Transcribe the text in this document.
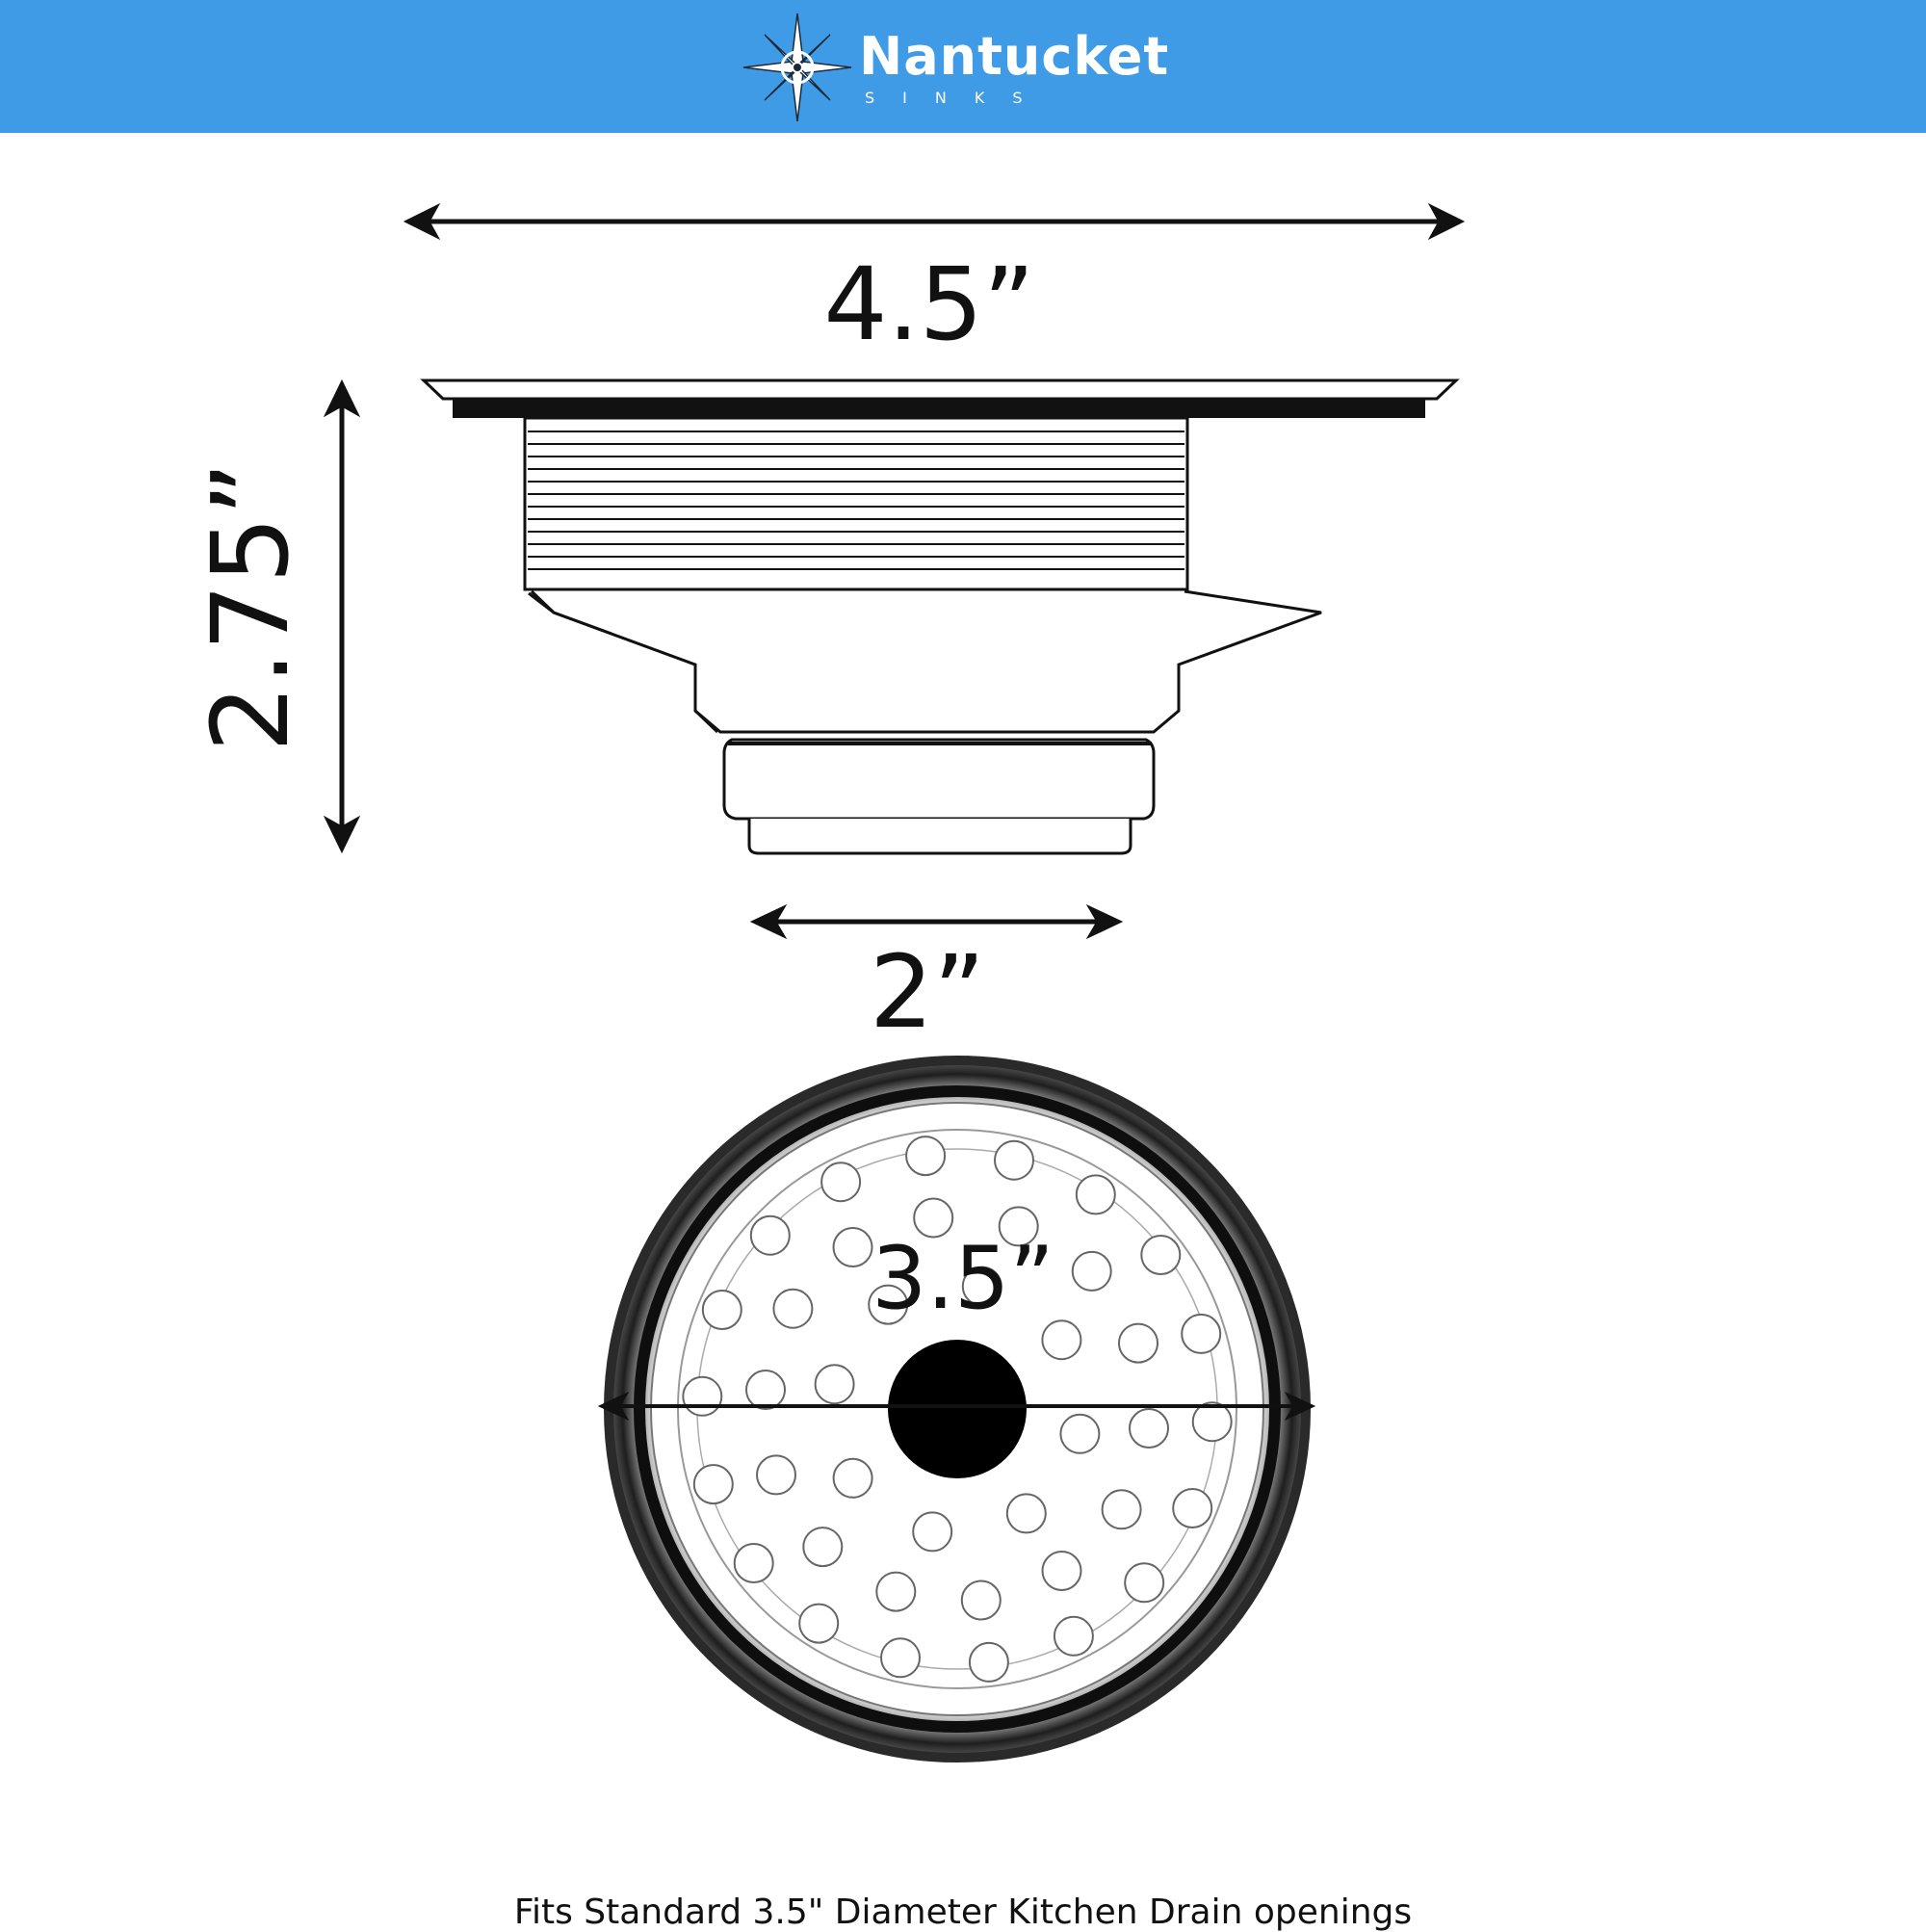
Nantucket
SINKS
4.5”
2.75”
2”
3.5”
Fits Standard 3.5" Diameter Kitchen Drain openings
